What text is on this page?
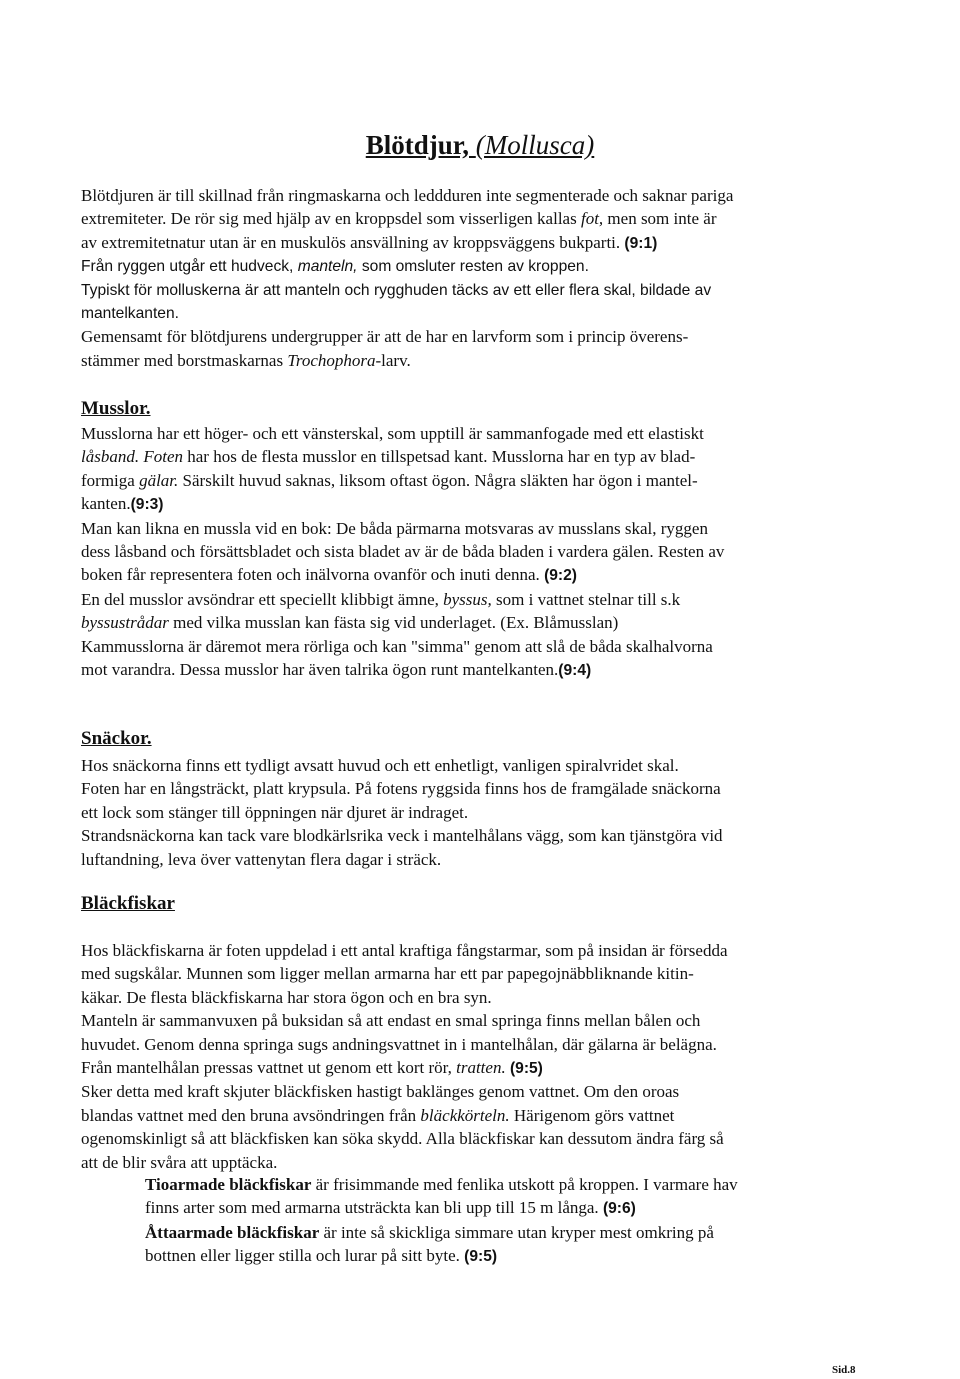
Blötdjur, (Mollusca)
Blötdjuren är till skillnad från ringmaskarna och leddduren inte segmenterade och saknar pariga
extremiteter. De rör sig med hjälp av en kroppsdel som visserligen kallas fot, men som inte är
av extremitetnatur utan är en muskulös ansvällning av kroppsväggens bukparti. (9:1)
Från ryggen utgår ett hudveck, manteln, som omsluter resten av kroppen.
Typiskt för molluskerna är att manteln och rygghuden täcks av ett eller flera skal, bildade av
mantelkanten.
Gemensamt för blötdjurens undergrupper är att de har en larvform som i princip överens-
stämmer med borstmaskarnas Trochophora-larv.
Musslor.
Musslorna har ett höger- och ett vänsterskal, som upptill är sammanfogade med ett elastiskt
låsband. Foten har hos de flesta musslor en tillspetsad kant. Musslorna har en typ av blad-
formiga gälar. Särskilt huvud saknas, liksom oftast ögon. Några släkten har ögon i mantel-
kanten.(9:3)
Man kan likna en mussla vid en bok: De båda pärmarna motsvaras av musslans skal, ryggen
dess låsband och försättsbladet och sista bladet av är de båda bladen i vardera gälen. Resten av
boken får representera foten och inälvorna ovanför och inuti denna. (9:2)
En del musslor avsöndrar ett speciellt klibbigt ämne, byssus, som i vattnet stelnar till s.k
byssustrådar med vilka musslan kan fästa sig vid underlaget. (Ex. Blåmusslan)
Kammusslorna är däremot mera rörliga och kan "simma" genom att slå de båda skalhalvorna
mot varandra. Dessa musslor har även talrika ögon runt mantelkanten.(9:4)
Snäckor.
Hos snäckorna finns ett tydligt avsatt huvud och ett enhetligt, vanligen spiralvridet skal.
Foten har en långsträckt, platt krypsula. På fotens ryggsida finns hos de framgälade snäckorna
ett lock som stänger till öppningen när djuret är indraget.
Strandsnäckorna kan tack vare blodkärlsrika veck i mantelhålans vägg, som kan tjänstgöra vid
luftandning, leva över vattenytan flera dagar i sträck.
Bläckfiskar
Hos bläckfiskarna är foten uppdelad i ett antal kraftiga fångstarmar, som på insidan är försedda
med sugskålar. Munnen som ligger mellan armarna har ett par papegojnäbbliknande kitin-
käkar. De flesta bläckfiskarna har stora ögon och en bra syn.
Manteln är sammanvuxen på buksidan så att endast en smal springa finns mellan bålen och
huvudet. Genom denna springa sugs andningsvattnet in i mantelhålan, där gälarna är belägna.
Från mantelhålan pressas vattnet ut genom ett kort rör, tratten. (9:5)
Sker detta med kraft skjuter bläckfisken hastigt baklänges genom vattnet. Om den oroas
blandas vattnet med den bruna avsöndringen från bläckkörteln. Härigenom görs vattnet
ogenomskinligt så att bläckfisken kan söka skydd. Alla bläckfiskar kan dessutom ändra färg så
att de blir svåra att upptäcka.
Tioarmade bläckfiskar är frisimmande med fenlika utskott på kroppen. I varmare hav
finns arter som med armarna utsträckta kan bli upp till 15 m långa. (9:6)
Åttaarmade bläckfiskar är inte så skickliga simmare utan kryper mest omkring på
bottnen eller ligger stilla och lurar på sitt byte. (9:5)
Sid.8
